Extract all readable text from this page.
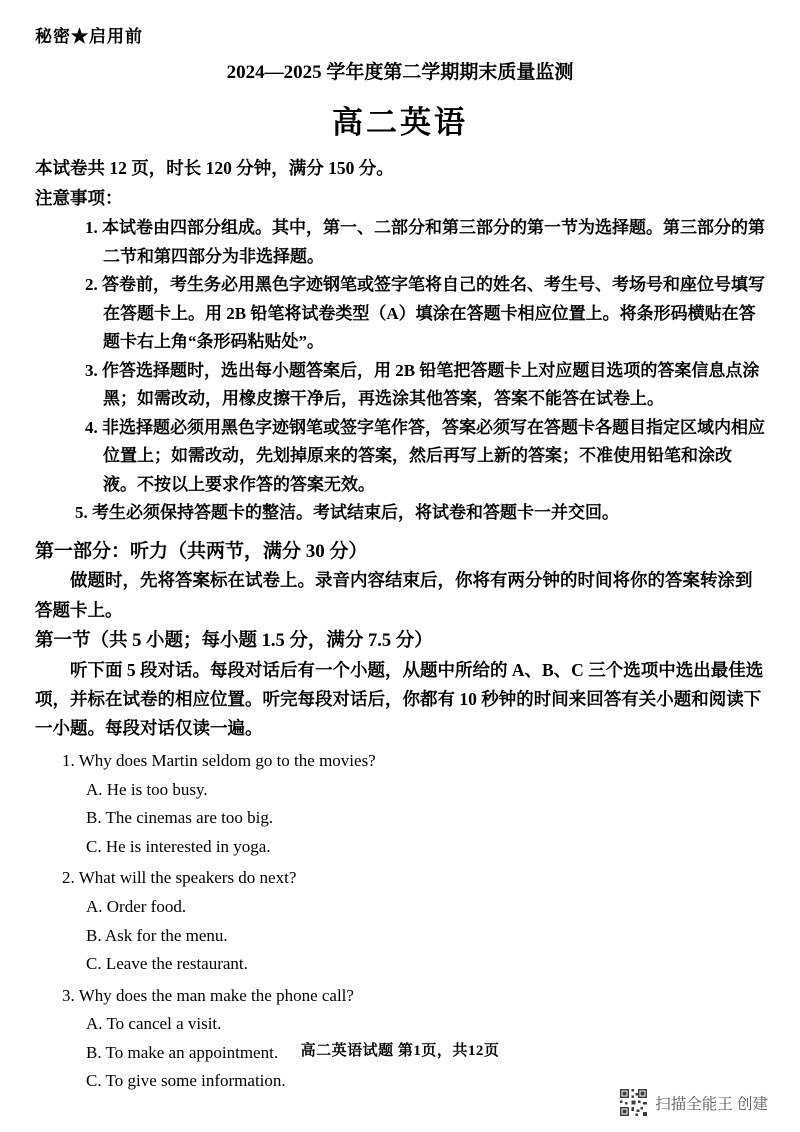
秘密★启用前
2024—2025 学年度第二学期期末质量监测
高二英语

本试卷共 12 页，时长 120 分钟，满分 150 分。

注意事项：

1. 本试卷由四部分组成。其中，第一、二部分和第三部分的第一节为选择题。第三部分的第二节和第四部分为非选择题。
2. 答卷前，考生务必用黑色字迹钢笔或签字笔将自己的姓名、考生号、考场号和座位号填写在答题卡上。用 2B 铅笔将试卷类型（A）填涂在答题卡相应位置上。将条形码横贴在答题卡右上角“条形码粘贴处”。
3. 作答选择题时，选出每小题答案后，用 2B 铅笔把答题卡上对应题目选项的答案信息点涂黑；如需改动，用橡皮擦干净后，再选涂其他答案，答案不能答在试卷上。
4. 非选择题必须用黑色字迹钢笔或签字笔作答，答案必须写在答题卡各题目指定区域内相应位置上；如需改动，先划掉原来的答案，然后再写上新的答案；不准使用铅笔和涂改液。不按以上要求作答的答案无效。
5. 考生必须保持答题卡的整洁。考试结束后，将试卷和答题卡一并交回。
第一部分：听力（共两节，满分 30 分）

做题时，先将答案标在试卷上。录音内容结束后，你将有两分钟的时间将你的答案转涂到答题卡上。

第一节（共 5 小题；每小题 1.5 分，满分 7.5 分）

听下面 5 段对话。每段对话后有一个小题，从题中所给的 A、B、C 三个选项中选出最佳选项，并标在试卷的相应位置。听完每段对话后，你都有 10 秒钟的时间来回答有关小题和阅读下一小题。每段对话仅读一遍。

1. Why does Martin seldom go to the movies?
A. He is too busy.
B. The cinemas are too big.
C. He is interested in yoga.
2. What will the speakers do next?
A. Order food.
B. Ask for the menu.
C. Leave the restaurant.
3. Why does the man make the phone call?
A. To cancel a visit.
B. To make an appointment.
C. To give some information.
高二英语试题 第1页，共12页
扫描全能王 创建
